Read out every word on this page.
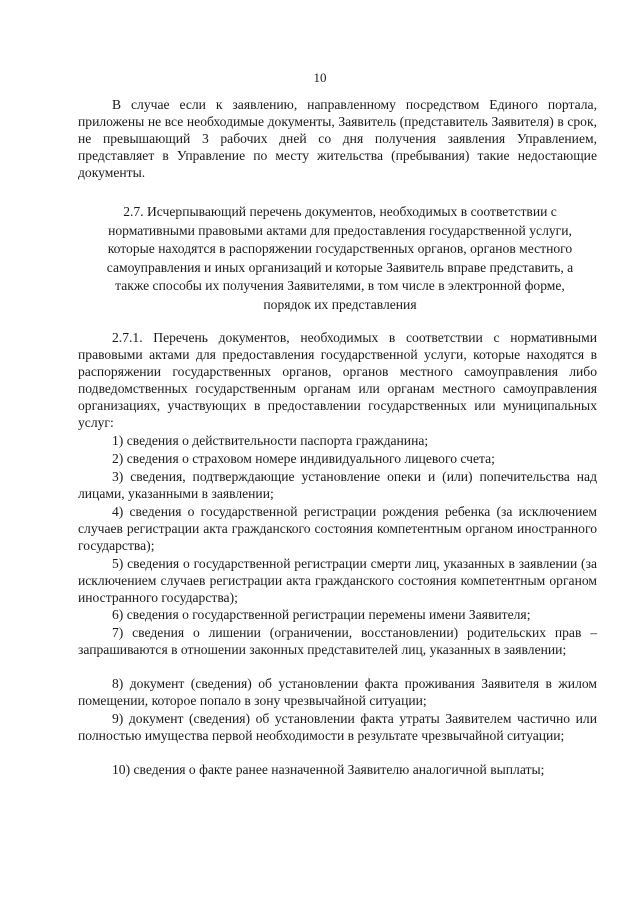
10

В случае если к заявлению, направленному посредством Единого портала, приложены не все необходимые документы, Заявитель (представитель Заявителя) в срок, не превышающий 3 рабочих дней со дня получения заявления Управлением, представляет в Управление по месту жительства (пребывания) такие недостающие документы.

2.7. Исчерпывающий перечень документов, необходимых в соответствии с нормативными правовыми актами для предоставления государственной услуги, которые находятся в распоряжении государственных органов, органов местного самоуправления и иных организаций и которые Заявитель вправе представить, а также способы их получения Заявителями, в том числе в электронной форме, порядок их представления

2.7.1. Перечень документов, необходимых в соответствии с нормативными правовыми актами для предоставления государственной услуги, которые находятся в распоряжении государственных органов, органов местного самоуправления либо подведомственных государственным органам или органам местного самоуправления организациях, участвующих в предоставлении государственных или муниципальных услуг:

1) сведения о действительности паспорта гражданина;

2) сведения о страховом номере индивидуального лицевого счета;

3) сведения, подтверждающие установление опеки и (или) попечительства над лицами, указанными в заявлении;

4) сведения о государственной регистрации рождения ребенка (за исключением случаев регистрации акта гражданского состояния компетентным органом иностранного государства);

5) сведения о государственной регистрации смерти лиц, указанных в заявлении (за исключением случаев регистрации акта гражданского состояния компетентным органом иностранного государства);

6) сведения о государственной регистрации перемены имени Заявителя;

7) сведения о лишении (ограничении, восстановлении) родительских прав – запрашиваются в отношении законных представителей лиц, указанных в заявлении;

8) документ (сведения) об установлении факта проживания Заявителя в жилом помещении, которое попало в зону чрезвычайной ситуации;

9) документ (сведения) об установлении факта утраты Заявителем частично или полностью имущества первой необходимости в результате чрезвычайной ситуации;

10) сведения о факте ранее назначенной Заявителю аналогичной выплаты;
